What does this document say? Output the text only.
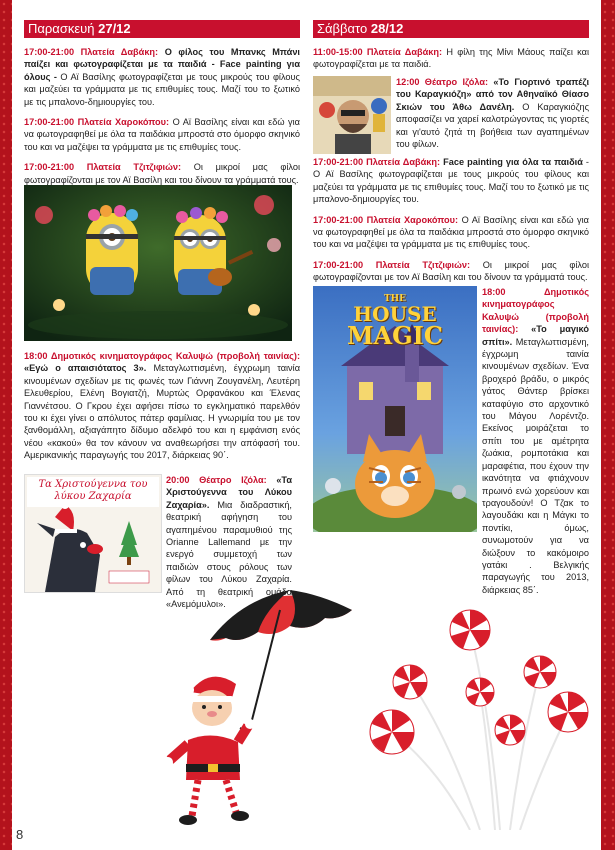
Παρασκευή 27/12

17:00-21:00 Πλατεία Δαβάκη: Ο φίλος του Μπανκς Μπάνι παίζει και φωτογραφίζεται με τα παιδιά - Face painting για όλους - Ο Αϊ Βασίλης φωτογραφίζεται με τους μικρούς του φίλους και μαζεύει τα γράμματα με τις επιθυμίες τους. Μαζί του το ξωτικό με τις μπαλονο-δημιουργίες του.

17:00-21:00 Πλατεία Χαροκόπου: Ο Αϊ Βασίλης είναι και εδώ για να φωτογραφηθεί με όλα τα παιδάκια μπροστά στο όμορφο σκηνικό του και να μαζέψει τα γράμματα με τις επιθυμίες τους.

17:00-21:00 Πλατεία Τζιτζιφιών: Οι μικροί μας φίλοι φωτογραφίζονται με τον Αϊ Βασίλη και του δίνουν τα γράμματά τους.

18:00 Δημοτικός κινηματογράφος Καλυψώ (προβολή ταινίας): «Εγώ ο απαισιότατος 3». Μεταγλωττισμένη, έγχρωμη ταινία κινουμένων σχεδίων με τις φωνές των Γιάννη Ζουγανέλη, Λευτέρη Ελευθερίου, Ελένη Βογιατζή, Μυρτώς Ορφανάκου και Έλενας Γιαννέτσου. Ο Γκρου έχει αφήσει πίσω το εγκληματικό παρελθόν του κι έχει γίνει ο απόλυτος πάτερ φαμίλιας. Η γνωριμία του με τον ξανθομάλλη, αξιαγάπητο δίδυμο αδελφό του και η εμφάνιση ενός νέου «κακού» θα τον κάνουν να αναθεωρήσει την απόφασή του. Αμερικανικής παραγωγής του 2017, διάρκειας 90΄.

Τα Χριστούγεννα του λύκου Ζαχαρία

20:00 Θέατρο Ιζόλα: «Τα Χριστούγεννα του Λύκου Ζαχαρία». Μια διαδραστική, θεατρική αφήγηση του αγαπημένου παραμυθιού της Orianne Lallemand με την ενεργό συμμετοχή των παιδιών στους ρόλους των φίλων του Λύκου Ζαχαρία. Από τη θεατρική ομάδα «Ανεμόμυλοι».

Σάββατο 28/12

11:00-15:00 Πλατεία Δαβάκη: Η φίλη της Μίνι Μάους παίζει και φωτογραφίζεται με τα παιδιά.

12:00 Θέατρο Ιζόλα: «Το Γιορτινό τραπέζι του Καραγκιόζη» από τον Αθηναϊκό Θίασο Σκιών του Άθω Δανέλη. Ο Καραγκιόζης αποφασίζει να χαρεί καλοτρώγοντας τις γιορτές και γι'αυτό ζητά τη βοήθεια των αγαπημένων του φίλων.

17:00-21:00 Πλατεία Δαβάκη: Face painting για όλα τα παιδιά - Ο Αϊ Βασίλης φωτογραφίζεται με τους μικρούς του φίλους και μαζεύει τα γράμματα με τις επιθυμίες τους. Μαζί του το ξωτικό με τις μπαλονο-δημιουργίες του.

17:00-21:00 Πλατεία Χαροκόπου: Ο Αϊ Βασίλης είναι και εδώ για να φωτογραφηθεί με όλα τα παιδάκια μπροστά στο όμορφο σκηνικό του και να μαζέψει τα γράμματα με τις επιθυμίες τους.

17:00-21:00 Πλατεία Τζιτζιφιών: Οι μικροί μας φίλοι φωτογραφίζονται με τον Αϊ Βασίλη και του δίνουν τα γράμματά τους.

THE
HOUSE
MAGIC

18:00 Δημοτικός κινηματογράφος Καλυψώ (προβολή ταινίας): «Το μαγικό σπίτι». Μεταγλωττισμένη, έγχρωμη ταινία κινουμένων σχεδίων. Ένα βροχερό βράδυ, ο μικρός γάτος Θάντερ βρίσκει καταφύγιο στο αρχοντικό του Μάγου Λορέντζο. Εκείνος μοιράζεται το σπίτι του με αμέτρητα ζωάκια, ρομποτάκια και μαραφέτια, που έχουν την ικανότητα να φτιάχνουν πρωινό ενώ χορεύουν και τραγουδούν! Ο Τζακ το λαγουδάκι και η Μάγκι το ποντίκι, όμως, συνωμοτούν για να διώξουν το κακόμοιρο γατάκι . Βελγικής παραγωγής του 2013, διάρκειας 85΄.

8
